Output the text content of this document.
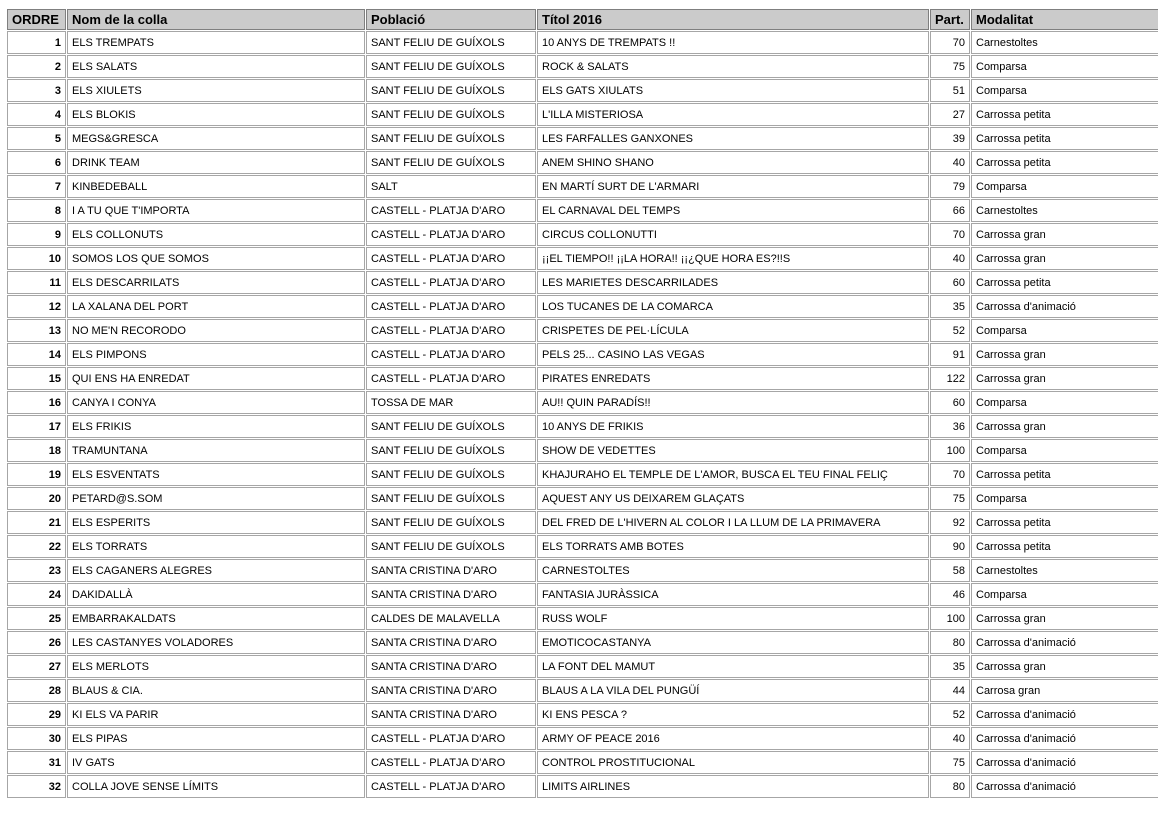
ORDRE	Nom de la colla	Població	Títol 2016	Part.	Modalitat
1	ELS TREMPATS	SANT FELIU DE GUÍXOLS	10 ANYS DE TREMPATS !!	70	Carnestoltes
2	ELS SALATS	SANT FELIU DE GUÍXOLS	ROCK & SALATS	75	Comparsa
3	ELS XIULETS	SANT FELIU DE GUÍXOLS	ELS GATS XIULATS	51	Comparsa
4	ELS BLOKIS	SANT FELIU DE GUÍXOLS	L'ILLA MISTERIOSA	27	Carrossa petita
5	MEGS&GRESCA	SANT FELIU DE GUÍXOLS	LES FARFALLES GANXONES	39	Carrossa petita
6	DRINK TEAM	SANT FELIU DE GUÍXOLS	ANEM SHINO SHANO	40	Carrossa petita
7	KINBEDEBALL	SALT	EN MARTÍ SURT DE L'ARMARI	79	Comparsa
8	I A TU QUE T'IMPORTA	CASTELL - PLATJA D'ARO	EL CARNAVAL DEL TEMPS	66	Carnestoltes
9	ELS COLLONUTS	CASTELL - PLATJA D'ARO	CIRCUS COLLONUTTI	70	Carrossa gran
10	SOMOS LOS QUE SOMOS	CASTELL - PLATJA D'ARO	¡¡EL TIEMPO!! ¡¡LA HORA!! ¡¡¿QUE HORA ES?!!S	40	Carrossa gran
11	ELS DESCARRILATS	CASTELL - PLATJA D'ARO	LES MARIETES DESCARRILADES	60	Carrossa petita
12	LA XALANA DEL PORT	CASTELL - PLATJA D'ARO	LOS TUCANES DE LA COMARCA	35	Carrossa d'animació
13	NO ME'N RECORODO	CASTELL - PLATJA D'ARO	CRISPETES DE PEL·LÍCULA	52	Comparsa
14	ELS PIMPONS	CASTELL - PLATJA D'ARO	PELS 25... CASINO LAS VEGAS	91	Carrossa gran
15	QUI ENS HA ENREDAT	CASTELL - PLATJA D'ARO	PIRATES ENREDATS	122	Carrossa gran
16	CANYA I CONYA	TOSSA DE MAR	AU!! QUIN PARADÍS!!	60	Comparsa
17	ELS FRIKIS	SANT FELIU DE GUÍXOLS	10 ANYS DE FRIKIS	36	Carrossa gran
18	TRAMUNTANA	SANT FELIU DE GUÍXOLS	SHOW DE VEDETTES	100	Comparsa
19	ELS ESVENTATS	SANT FELIU DE GUÍXOLS	KHAJURAHO EL TEMPLE DE L'AMOR, BUSCA EL TEU FINAL FELIÇ	70	Carrossa petita
20	PETARD@S.SOM	SANT FELIU DE GUÍXOLS	AQUEST ANY US DEIXAREM GLAÇATS	75	Comparsa
21	ELS ESPERITS	SANT FELIU DE GUÍXOLS	DEL FRED DE L'HIVERN AL COLOR I LA LLUM DE LA PRIMAVERA	92	Carrossa petita
22	ELS TORRATS	SANT FELIU DE GUÍXOLS	ELS TORRATS AMB BOTES	90	Carrossa petita
23	ELS CAGANERS ALEGRES	SANTA CRISTINA D'ARO	CARNESTOLTES	58	Carnestoltes
24	DAKIDALLÀ	SANTA CRISTINA D'ARO	FANTASIA JURÀSSICA	46	Comparsa
25	EMBARRAKALDATS	CALDES DE MALAVELLA	RUSS WOLF	100	Carrossa gran
26	LES CASTANYES VOLADORES	SANTA CRISTINA D'ARO	EMOTICOCASTANYA	80	Carrossa d'animació
27	ELS MERLOTS	SANTA CRISTINA D'ARO	LA FONT DEL MAMUT	35	Carrossa gran
28	BLAUS & CIA.	SANTA CRISTINA D'ARO	BLAUS A LA VILA DEL PUNGÜÍ	44	Carrosa gran
29	KI ELS VA PARIR	SANTA CRISTINA D'ARO	KI ENS PESCA ?	52	Carrossa d'animació
30	ELS PIPAS	CASTELL - PLATJA D'ARO	ARMY OF PEACE 2016	40	Carrossa d'animació
31	IV GATS	CASTELL - PLATJA D'ARO	CONTROL PROSTITUCIONAL	75	Carrossa d'animació
32	COLLA JOVE SENSE LÍMITS	CASTELL - PLATJA D'ARO	LIMITS AIRLINES	80	Carrossa d'animació
